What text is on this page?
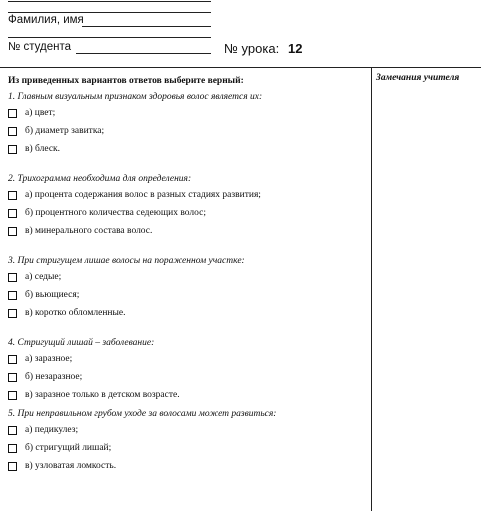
Фамилия, имя
№ студента	№ урока: 12
Замечания учителя
Из приведенных вариантов ответов выберите верный:
1. Главным визуальным признаком здоровья волос является их:
а) цвет;
б) диаметр завитка;
в) блеск.
2. Трихограмма необходима для определения:
а) процента содержания волос в разных стадиях развития;
б) процентного количества седеющих волос;
в) минерального состава волос.
3. При стригущем лишае волосы на пораженном участке:
а) седые;
б) вьющиеся;
в) коротко обломленные.
4. Стригущий лишай – заболевание:
а) заразное;
б) незаразное;
в) заразное только в детском возрасте.
5. При неправильном грубом уходе за волосами может развиться:
а) педикулез;
б) стригущий лишай;
в) узловатая ломкость.
